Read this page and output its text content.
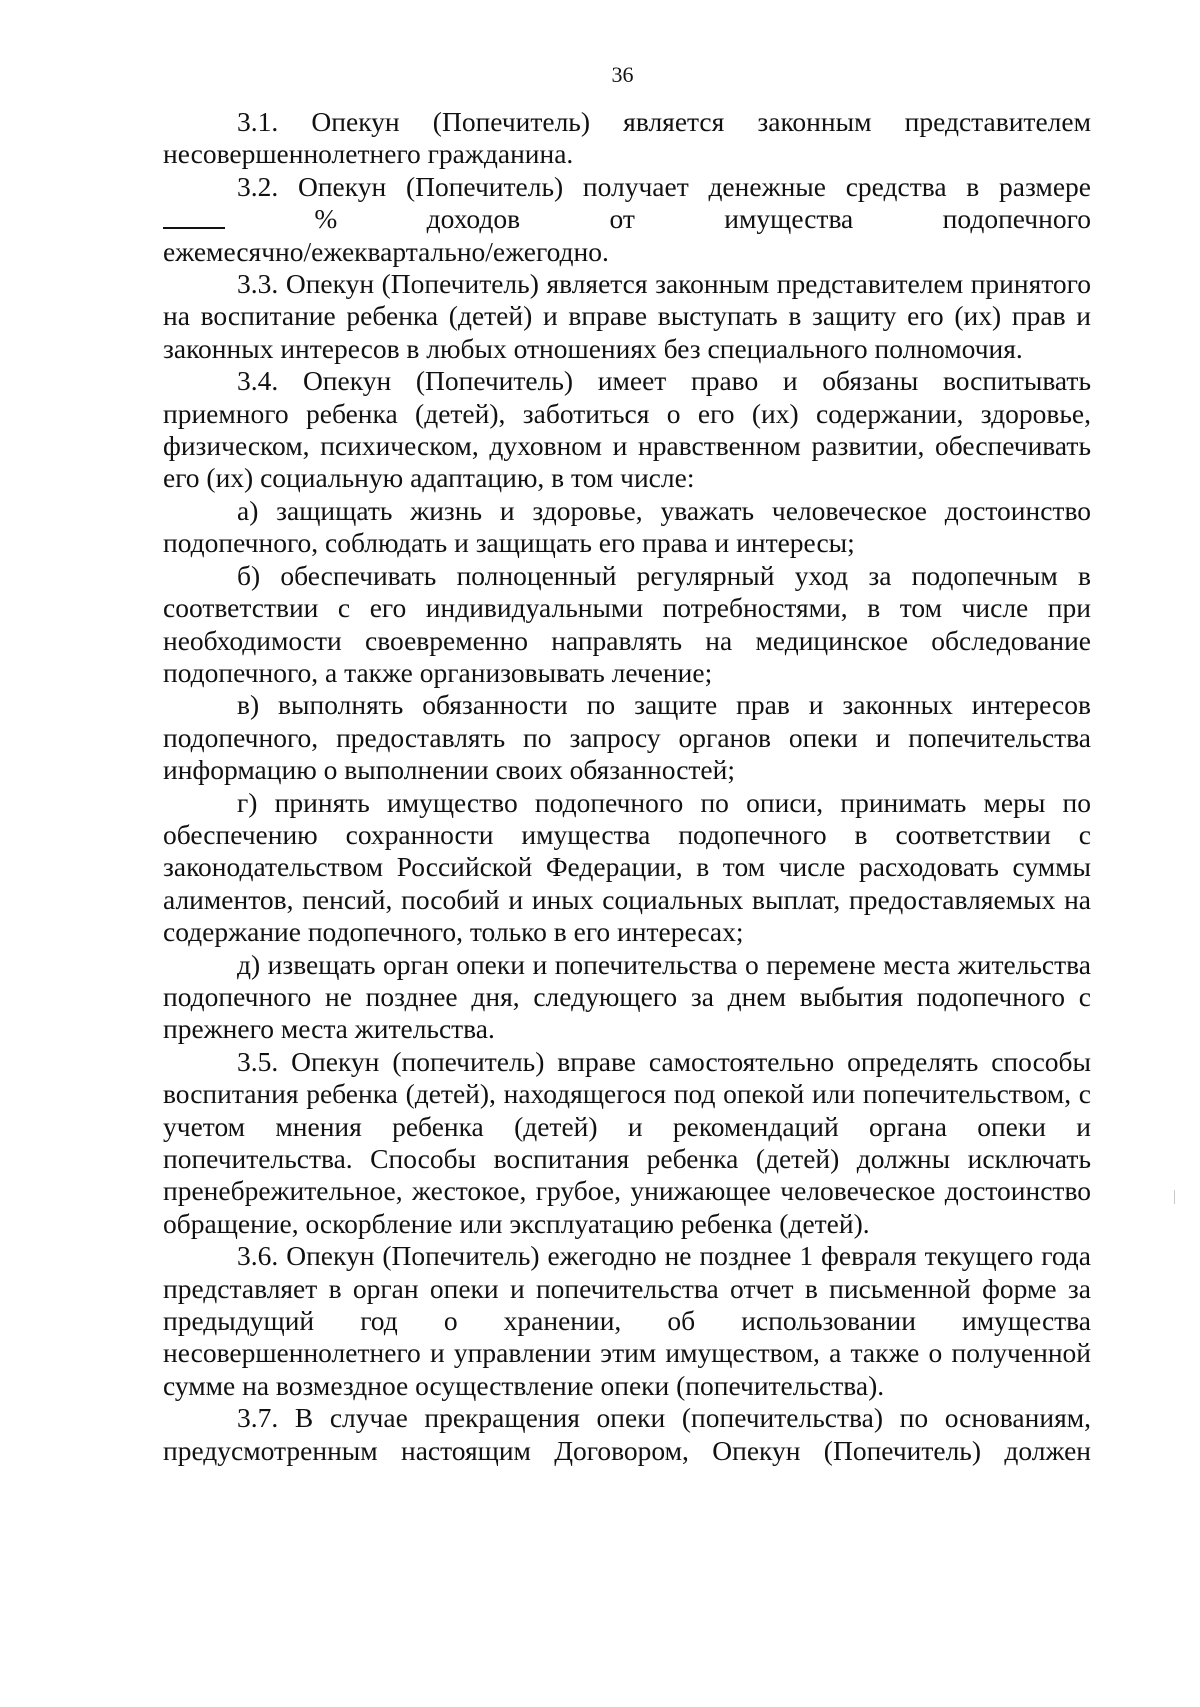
36

3.1. Опекун (Попечитель) является законным представителем несовершеннолетнего гражданина.

3.2. Опекун (Попечитель) получает денежные средства в размере

%	доходов	от	имущества	подопечного

ежемесячно/ежеквартально/ежегодно.

3.3. Опекун (Попечитель) является законным представителем принятого на воспитание ребенка (детей) и вправе выступать в защиту его (их) прав и законных интересов в любых отношениях без специального полномочия.

3.4. Опекун (Попечитель) имеет право и обязаны воспитывать приемного ребенка (детей), заботиться о его (их) содержании, здоровье, физическом, психическом, духовном и нравственном развитии, обеспечивать его (их) социальную адаптацию, в том числе:

а) защищать жизнь и здоровье, уважать человеческое достоинство подопечного, соблюдать и защищать его права и интересы;

б) обеспечивать полноценный регулярный уход за подопечным в соответствии с его индивидуальными потребностями, в том числе при необходимости своевременно направлять на медицинское обследование подопечного, а также организовывать лечение;

в) выполнять обязанности по защите прав и законных интересов подопечного, предоставлять по запросу органов опеки и попечительства информацию о выполнении своих обязанностей;

г) принять имущество подопечного по описи, принимать меры по обеспечению сохранности имущества подопечного в соответствии с законодательством Российской Федерации, в том числе расходовать суммы алиментов, пенсий, пособий и иных социальных выплат, предоставляемых на содержание подопечного, только в его интересах;

д) извещать орган опеки и попечительства о перемене места жительства подопечного не позднее дня, следующего за днем выбытия подопечного с прежнего места жительства.

3.5. Опекун (попечитель) вправе самостоятельно определять способы воспитания ребенка (детей), находящегося под опекой или попечительством, с учетом мнения ребенка (детей) и рекомендаций органа опеки и попечительства. Способы воспитания ребенка (детей) должны исключать пренебрежительное, жестокое, грубое, унижающее человеческое достоинство обращение, оскорбление или эксплуатацию ребенка (детей).

3.6. Опекун (Попечитель) ежегодно не позднее 1 февраля текущего года представляет в орган опеки и попечительства отчет в письменной форме за предыдущий год о хранении, об использовании имущества несовершеннолетнего и управлении этим имуществом, а также о полученной сумме на возмездное осуществление опеки (попечительства).

3.7. В случае прекращения опеки (попечительства) по основаниям, предусмотренным настоящим Договором, Опекун (Попечитель) должен
